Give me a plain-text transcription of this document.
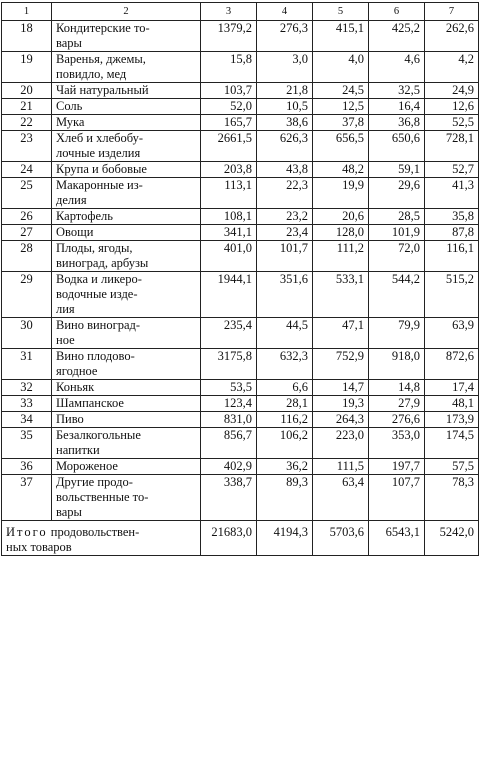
1	2	3	4	5	6	7
18	Кондитерские то-
вары	1379,2	276,3	415,1	425,2	262,6
19	Варенья, джемы,
повидло, мед	15,8	3,0	4,0	4,6	4,2
20	Чай натуральный	103,7	21,8	24,5	32,5	24,9
21	Соль	52,0	10,5	12,5	16,4	12,6
22	Мука	165,7	38,6	37,8	36,8	52,5
23	Хлеб и хлебобу-
лочные изделия	2661,5	626,3	656,5	650,6	728,1
24	Крупа и бобовые	203,8	43,8	48,2	59,1	52,7
25	Макаронные из-
делия	113,1	22,3	19,9	29,6	41,3
26	Картофель	108,1	23,2	20,6	28,5	35,8
27	Овощи	341,1	23,4	128,0	101,9	87,8
28	Плоды, ягоды,
виноград, арбузы	401,0	101,7	111,2	72,0	116,1
29	Водка и ликеро-
водочные изде-
лия	1944,1	351,6	533,1	544,2	515,2
30	Вино виноград-
ное	235,4	44,5	47,1	79,9	63,9
31	Вино плодово-
ягодное	3175,8	632,3	752,9	918,0	872,6
32	Коньяк	53,5	6,6	14,7	14,8	17,4
33	Шампанское	123,4	28,1	19,3	27,9	48,1
34	Пиво	831,0	116,2	264,3	276,6	173,9
35	Безалкогольные
напитки	856,7	106,2	223,0	353,0	174,5
36	Мороженое	402,9	36,2	111,5	197,7	57,5
37	Другие продо-
вольственные то-
вары	338,7	89,3	63,4	107,7	78,3
Итого продовольствен-
ных товаров		21683,0	4194,3	5703,6	6543,1	5242,0
